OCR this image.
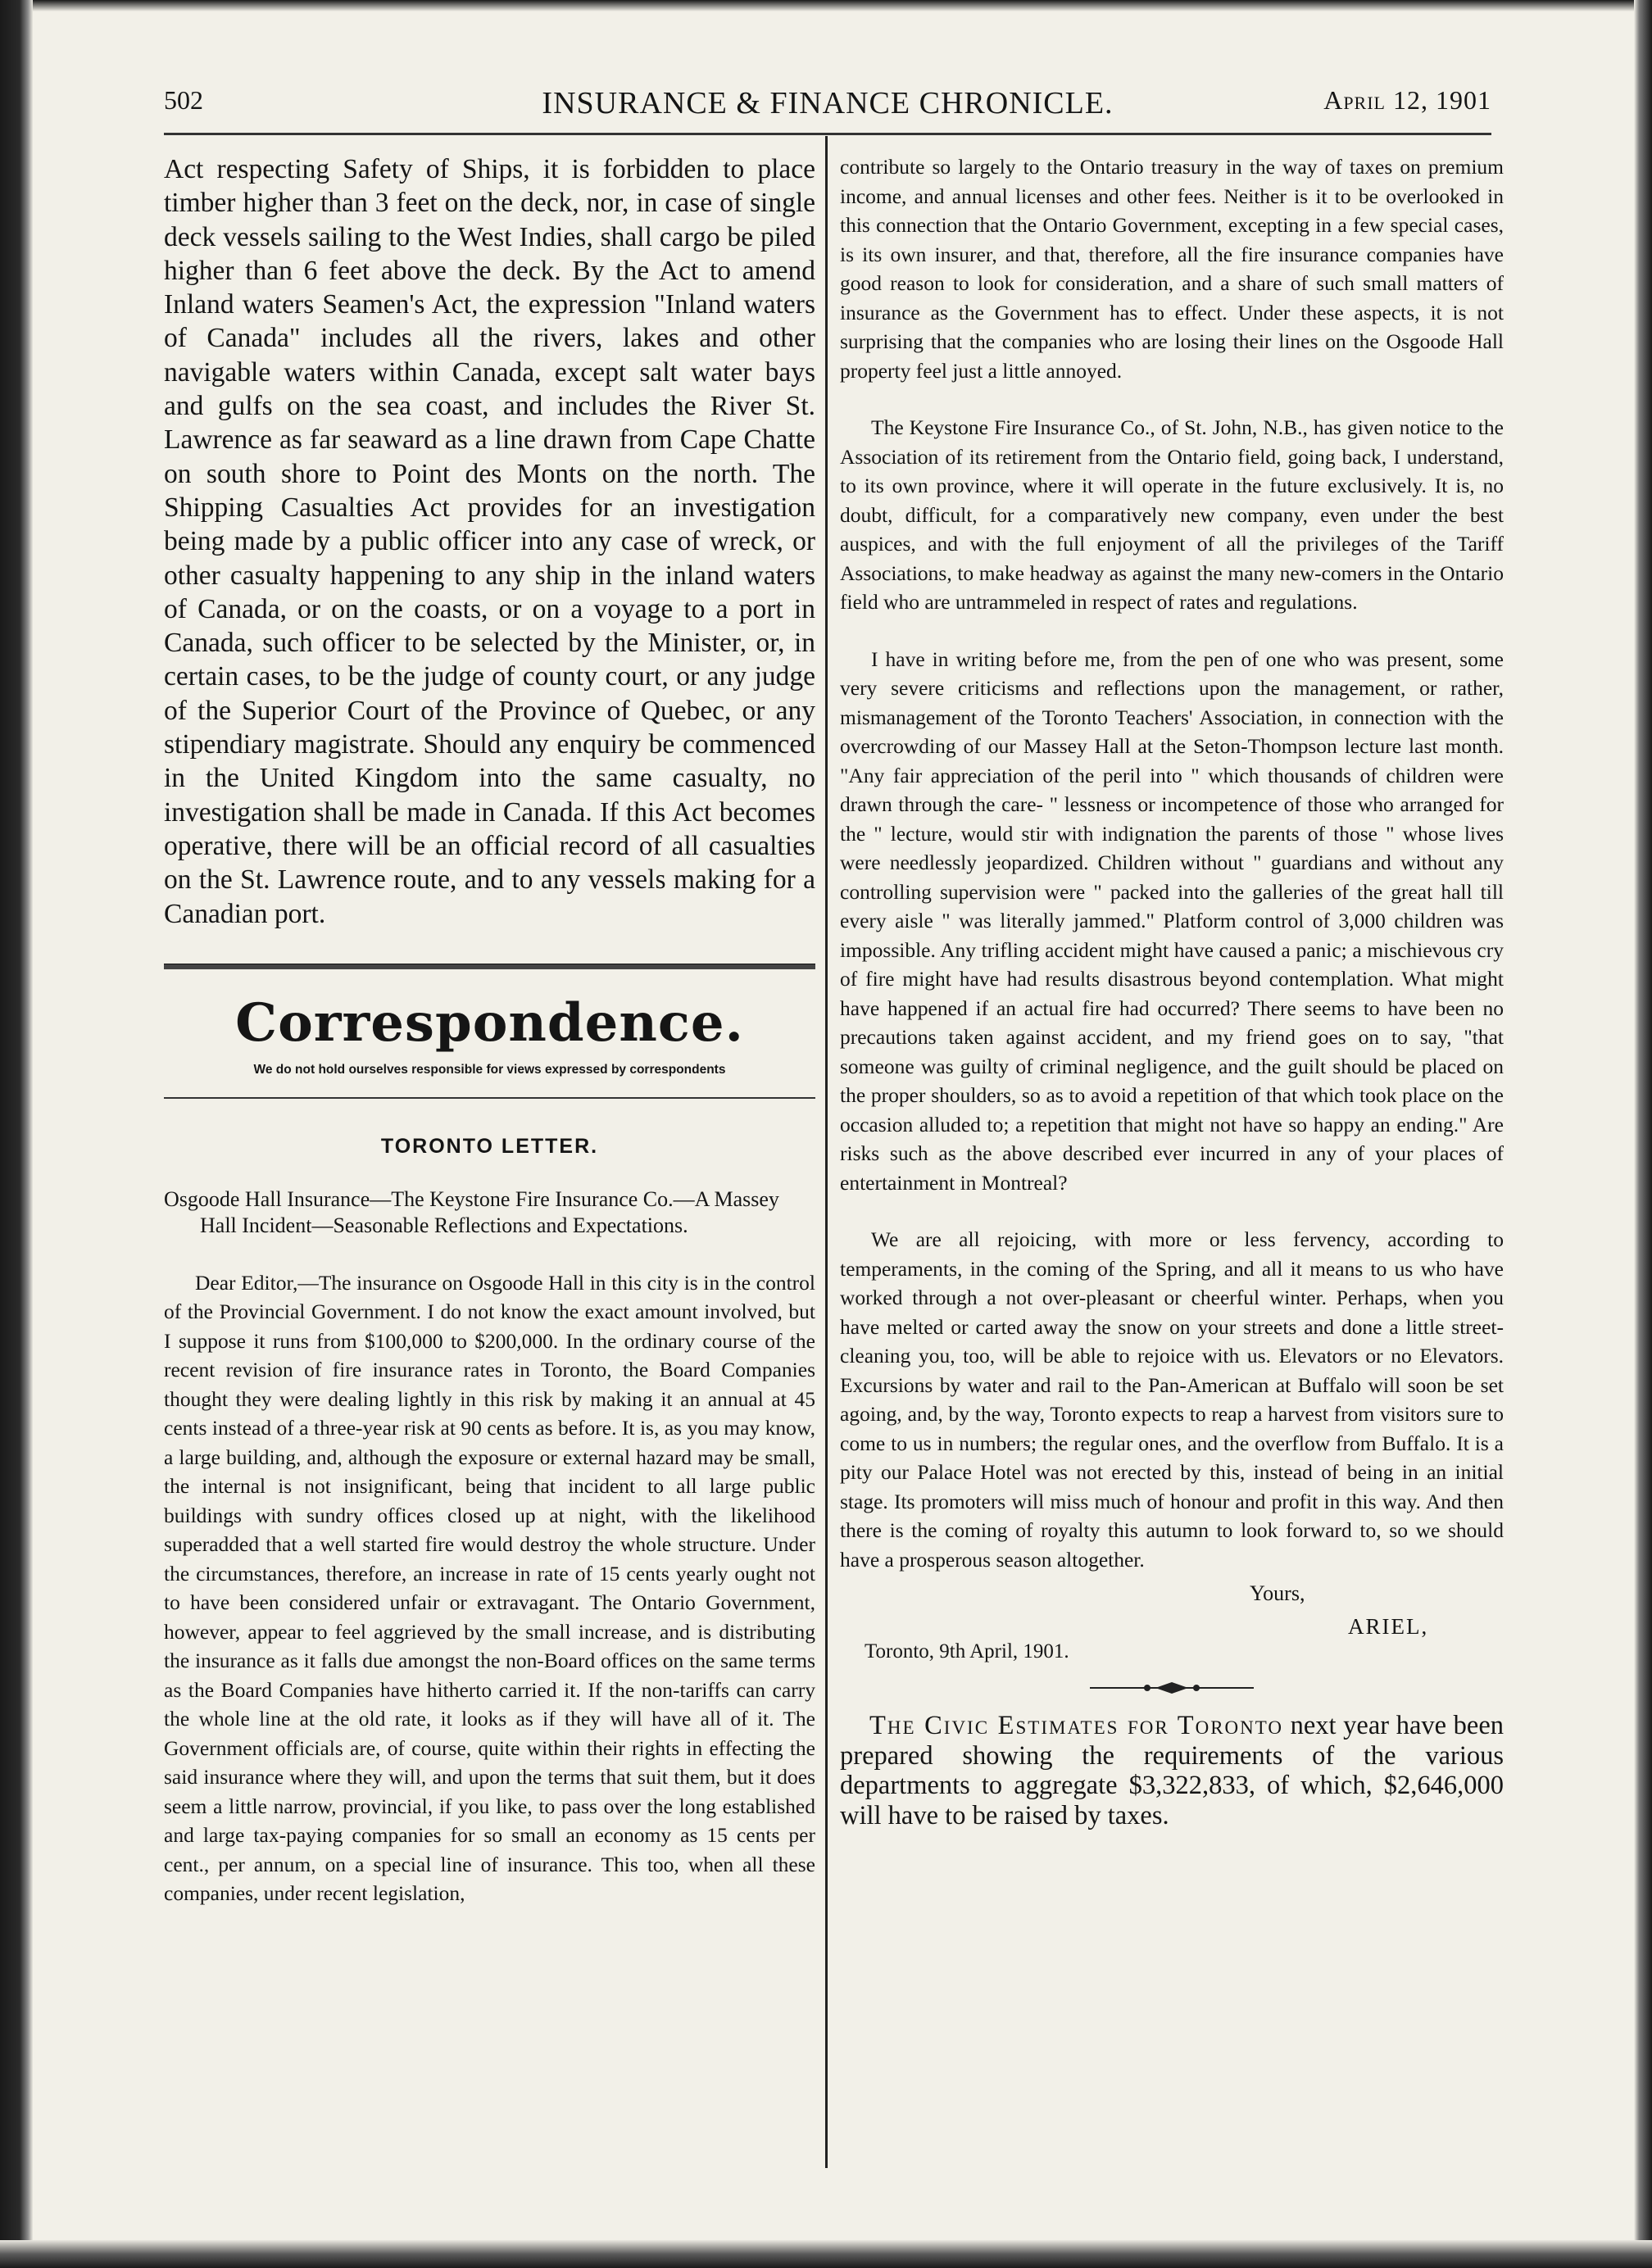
502	INSURANCE & FINANCE CHRONICLE.	April 12, 1901

Act respecting Safety of Ships, it is forbidden to place timber higher than 3 feet on the deck, nor, in case of single deck vessels sailing to the West Indies, shall cargo be piled higher than 6 feet above the deck. By the Act to amend Inland waters Seamen's Act, the expression "Inland waters of Canada" includes all the rivers, lakes and other navigable waters within Canada, except salt water bays and gulfs on the sea coast, and includes the River St. Lawrence as far seaward as a line drawn from Cape Chatte on south shore to Point des Monts on the north. The Shipping Casualties Act provides for an investigation being made by a public officer into any case of wreck, or other casualty happening to any ship in the inland waters of Canada, or on the coasts, or on a voyage to a port in Canada, such officer to be selected by the Minister, or, in certain cases, to be the judge of county court, or any judge of the Superior Court of the Province of Quebec, or any stipendiary magistrate. Should any enquiry be commenced in the United Kingdom into the same casualty, no investigation shall be made in Canada. If this Act becomes operative, there will be an official record of all casualties on the St. Lawrence route, and to any vessels making for a Canadian port.

Correspondence.
We do not hold ourselves responsible for views expressed by correspondents
TORONTO LETTER.
Osgoode Hall Insurance—The Keystone Fire Insurance Co.—A Massey Hall Incident—Seasonable Reflections and Expectations.

Dear Editor,—The insurance on Osgoode Hall in this city is in the control of the Provincial Government. I do not know the exact amount involved, but I suppose it runs from $100,000 to $200,000. In the ordinary course of the recent revision of fire insurance rates in Toronto, the Board Companies thought they were dealing lightly in this risk by making it an annual at 45 cents instead of a three-year risk at 90 cents as before. It is, as you may know, a large building, and, although the exposure or external hazard may be small, the internal is not insignificant, being that incident to all large public buildings with sundry offices closed up at night, with the likelihood superadded that a well started fire would destroy the whole structure. Under the circumstances, therefore, an increase in rate of 15 cents yearly ought not to have been considered unfair or extravagant. The Ontario Government, however, appear to feel aggrieved by the small increase, and is distributing the insurance as it falls due amongst the non-Board offices on the same terms as the Board Companies have hitherto carried it. If the non-tariffs can carry the whole line at the old rate, it looks as if they will have all of it. The Government officials are, of course, quite within their rights in effecting the said insurance where they will, and upon the terms that suit them, but it does seem a little narrow, provincial, if you like, to pass over the long established and large tax-paying companies for so small an economy as 15 cents per cent., per annum, on a special line of insurance. This too, when all these companies, under recent legislation,

contribute so largely to the Ontario treasury in the way of taxes on premium income, and annual licenses and other fees. Neither is it to be overlooked in this connection that the Ontario Government, excepting in a few special cases, is its own insurer, and that, therefore, all the fire insurance companies have good reason to look for consideration, and a share of such small matters of insurance as the Government has to effect. Under these aspects, it is not surprising that the companies who are losing their lines on the Osgoode Hall property feel just a little annoyed.

The Keystone Fire Insurance Co., of St. John, N.B., has given notice to the Association of its retirement from the Ontario field, going back, I understand, to its own province, where it will operate in the future exclusively. It is, no doubt, difficult, for a comparatively new company, even under the best auspices, and with the full enjoyment of all the privileges of the Tariff Associations, to make headway as against the many new-comers in the Ontario field who are untrammeled in respect of rates and regulations.

I have in writing before me, from the pen of one who was present, some very severe criticisms and reflections upon the management, or rather, mismanagement of the Toronto Teachers' Association, in connection with the overcrowding of our Massey Hall at the Seton-Thompson lecture last month. "Any fair appreciation of the peril into " which thousands of children were drawn through the care- " lessness or incompetence of those who arranged for the " lecture, would stir with indignation the parents of those " whose lives were needlessly jeopardized. Children without " guardians and without any controlling supervision were " packed into the galleries of the great hall till every aisle " was literally jammed." Platform control of 3,000 children was impossible. Any trifling accident might have caused a panic; a mischievous cry of fire might have had results disastrous beyond contemplation. What might have happened if an actual fire had occurred? There seems to have been no precautions taken against accident, and my friend goes on to say, "that someone was guilty of criminal negligence, and the guilt should be placed on the proper shoulders, so as to avoid a repetition of that which took place on the occasion alluded to; a repetition that might not have so happy an ending." Are risks such as the above described ever incurred in any of your places of entertainment in Montreal?

We are all rejoicing, with more or less fervency, according to temperaments, in the coming of the Spring, and all it means to us who have worked through a not over-pleasant or cheerful winter. Perhaps, when you have melted or carted away the snow on your streets and done a little street-cleaning you, too, will be able to rejoice with us. Elevators or no Elevators. Excursions by water and rail to the Pan-American at Buffalo will soon be set agoing, and, by the way, Toronto expects to reap a harvest from visitors sure to come to us in numbers; the regular ones, and the overflow from Buffalo. It is a pity our Palace Hotel was not erected by this, instead of being in an initial stage. Its promoters will miss much of honour and profit in this way. And then there is the coming of royalty this autumn to look forward to, so we should have a prosperous season altogether.

Yours,
ARIEL,
Toronto, 9th April, 1901.

The Civic Estimates for Toronto next year have been prepared showing the requirements of the various departments to aggregate $3,322,833, of which, $2,646,000 will have to be raised by taxes.
